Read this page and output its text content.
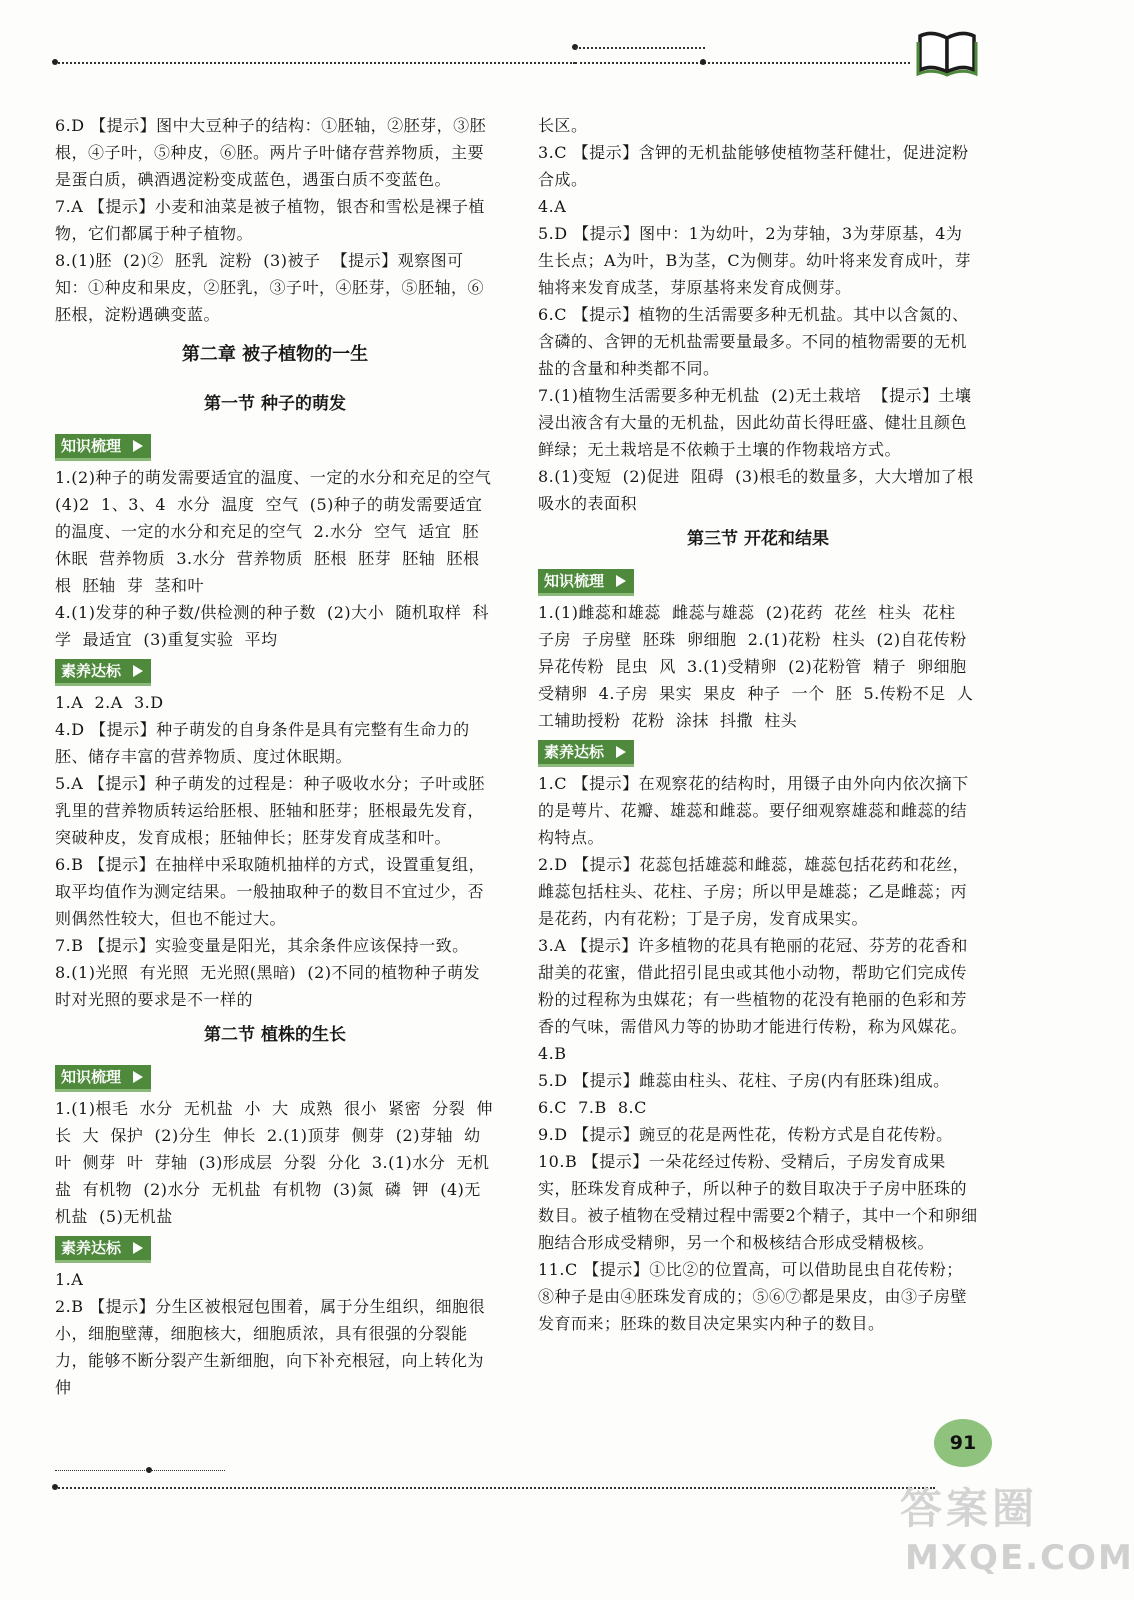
6.D 【提示】图中大豆种子的结构：①胚轴，②胚芽，③胚根，④子叶，⑤种皮，⑥胚。两片子叶储存营养物质，主要是蛋白质，碘酒遇淀粉变成蓝色，遇蛋白质不变蓝色。

7.A 【提示】小麦和油菜是被子植物，银杏和雪松是裸子植物，它们都属于种子植物。

8.(1)胚  (2)②  胚乳  淀粉  (3)被子  【提示】观察图可知：①种皮和果皮，②胚乳，③子叶，④胚芽，⑤胚轴，⑥胚根，淀粉遇碘变蓝。

第二章 被子植物的一生
第一节 种子的萌发
知识梳理

1.(2)种子的萌发需要适宜的温度、一定的水分和充足的空气  (4)2  1、3、4  水分  温度  空气  (5)种子的萌发需要适宜的温度、一定的水分和充足的空气  2.水分  空气  适宜  胚  休眠  营养物质  3.水分  营养物质  胚根  胚芽  胚轴  胚根  根  胚轴  芽  茎和叶

4.(1)发芽的种子数/供检测的种子数  (2)大小  随机取样  科学  最适宜  (3)重复实验  平均

素养达标

1.A  2.A  3.D

4.D 【提示】种子萌发的自身条件是具有完整有生命力的胚、储存丰富的营养物质、度过休眠期。

5.A 【提示】种子萌发的过程是：种子吸收水分；子叶或胚乳里的营养物质转运给胚根、胚轴和胚芽；胚根最先发育，突破种皮，发育成根；胚轴伸长；胚芽发育成茎和叶。

6.B 【提示】在抽样中采取随机抽样的方式，设置重复组，取平均值作为测定结果。一般抽取种子的数目不宜过少，否则偶然性较大，但也不能过大。

7.B 【提示】实验变量是阳光，其余条件应该保持一致。

8.(1)光照  有光照  无光照(黑暗)  (2)不同的植物种子萌发时对光照的要求是不一样的

第二节 植株的生长
知识梳理

1.(1)根毛  水分  无机盐  小  大  成熟  很小  紧密  分裂  伸长  大  保护  (2)分生  伸长  2.(1)顶芽  侧芽  (2)芽轴  幼叶  侧芽  叶  芽轴  (3)形成层  分裂  分化  3.(1)水分  无机盐  有机物  (2)水分  无机盐  有机物  (3)氮  磷  钾  (4)无机盐  (5)无机盐

素养达标

1.A

2.B 【提示】分生区被根冠包围着，属于分生组织，细胞很小，细胞壁薄，细胞核大，细胞质浓，具有很强的分裂能力，能够不断分裂产生新细胞，向下补充根冠，向上转化为伸

长区。

3.C 【提示】含钾的无机盐能够使植物茎秆健壮，促进淀粉合成。

4.A

5.D 【提示】图中：1为幼叶，2为芽轴，3为芽原基，4为生长点；A为叶，B为茎，C为侧芽。幼叶将来发育成叶，芽轴将来发育成茎，芽原基将来发育成侧芽。

6.C 【提示】植物的生活需要多种无机盐。其中以含氮的、含磷的、含钾的无机盐需要量最多。不同的植物需要的无机盐的含量和种类都不同。

7.(1)植物生活需要多种无机盐  (2)无土栽培  【提示】土壤浸出液含有大量的无机盐，因此幼苗长得旺盛、健壮且颜色鲜绿；无土栽培是不依赖于土壤的作物栽培方式。

8.(1)变短  (2)促进  阻碍  (3)根毛的数量多，大大增加了根吸水的表面积

第三节 开花和结果
知识梳理

1.(1)雌蕊和雄蕊  雌蕊与雄蕊  (2)花药  花丝  柱头  花柱  子房  子房壁  胚珠  卵细胞  2.(1)花粉  柱头  (2)自花传粉  异花传粉  昆虫  风  3.(1)受精卵  (2)花粉管  精子  卵细胞  受精卵  4.子房  果实  果皮  种子  一个  胚  5.传粉不足  人工辅助授粉  花粉  涂抹  抖撒  柱头

素养达标

1.C 【提示】在观察花的结构时，用镊子由外向内依次摘下的是萼片、花瓣、雄蕊和雌蕊。要仔细观察雄蕊和雌蕊的结构特点。

2.D 【提示】花蕊包括雄蕊和雌蕊，雄蕊包括花药和花丝，雌蕊包括柱头、花柱、子房；所以甲是雄蕊；乙是雌蕊；丙是花药，内有花粉；丁是子房，发育成果实。

3.A 【提示】许多植物的花具有艳丽的花冠、芬芳的花香和甜美的花蜜，借此招引昆虫或其他小动物，帮助它们完成传粉的过程称为虫媒花；有一些植物的花没有艳丽的色彩和芳香的气味，需借风力等的协助才能进行传粉，称为风媒花。

4.B

5.D 【提示】雌蕊由柱头、花柱、子房(内有胚珠)组成。

6.C  7.B  8.C

9.D 【提示】豌豆的花是两性花，传粉方式是自花传粉。

10.B 【提示】一朵花经过传粉、受精后，子房发育成果实，胚珠发育成种子，所以种子的数目取决于子房中胚珠的数目。被子植物在受精过程中需要2个精子，其中一个和卵细胞结合形成受精卵，另一个和极核结合形成受精极核。

11.C 【提示】①比②的位置高，可以借助昆虫自花传粉；⑧种子是由④胚珠发育成的；⑤⑥⑦都是果皮，由③子房壁发育而来；胚珠的数目决定果实内种子的数目。

91
答案圈
MXQE.COM
